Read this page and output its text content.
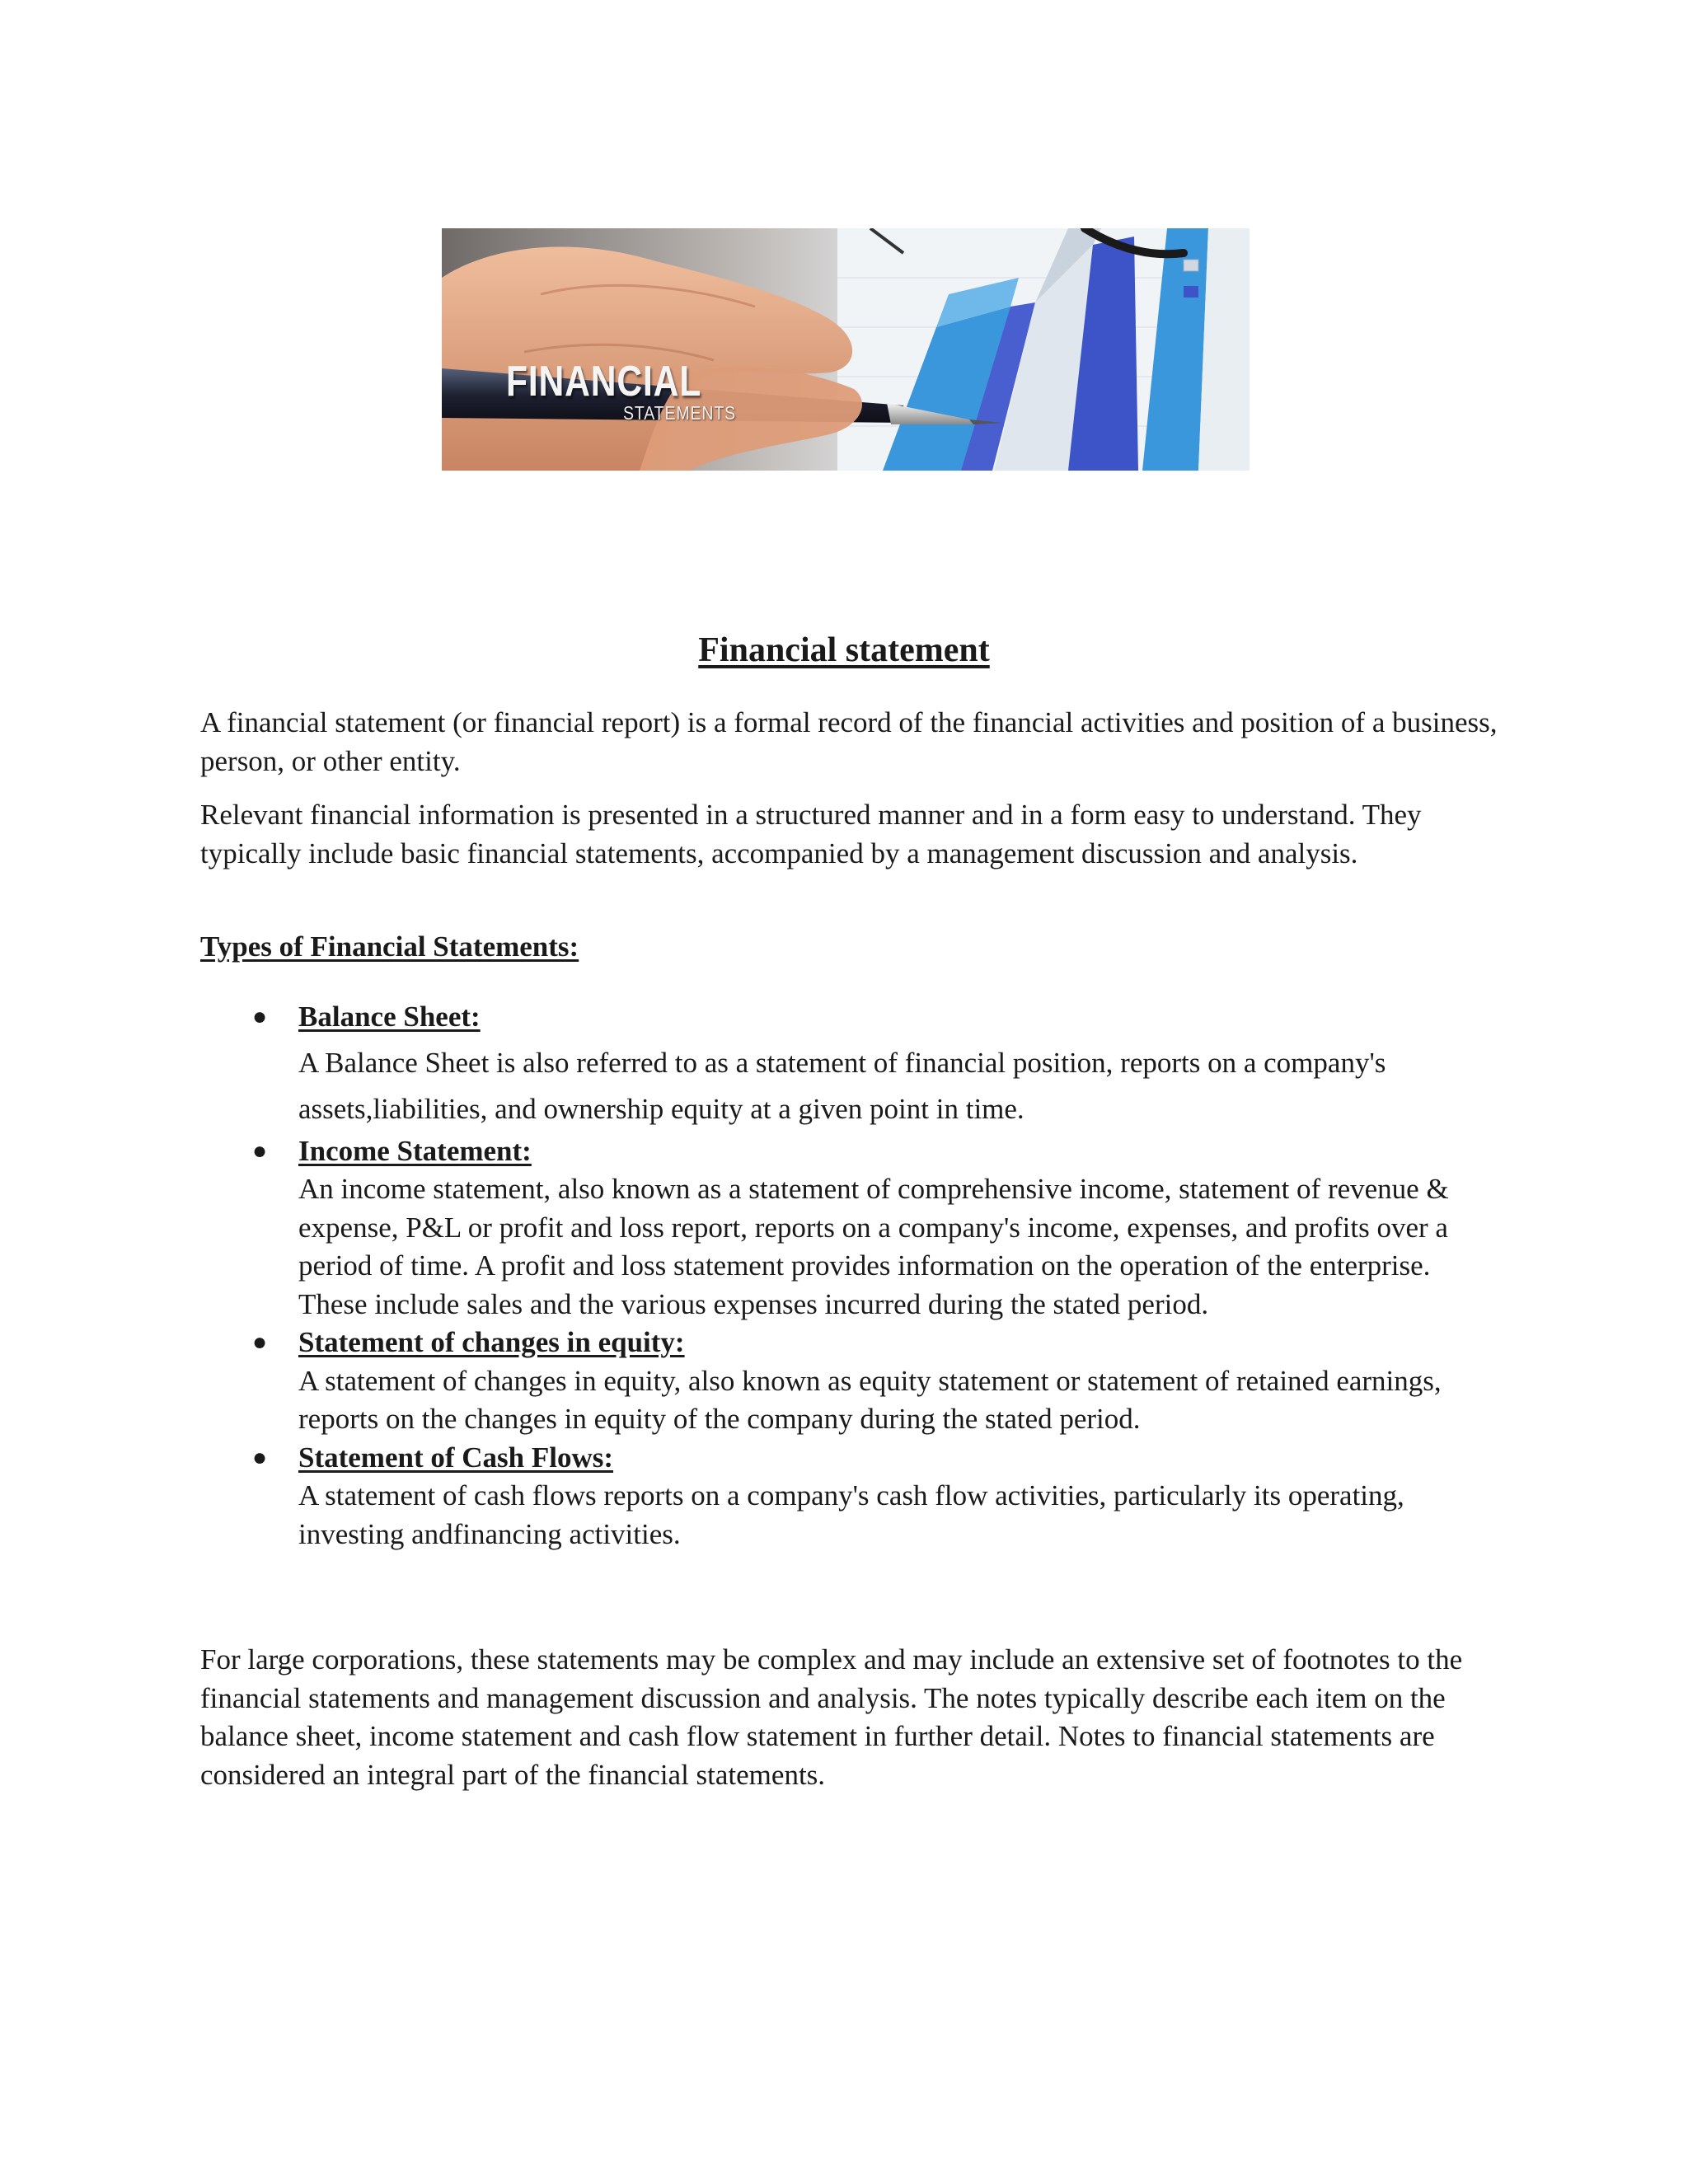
FINANCIAL
STATEMENTS
Financial statement

A financial statement (or financial report) is a formal record of the financial activities and position of a business, person, or other entity.

Relevant financial information is presented in a structured manner and in a form easy to understand. They typically include basic financial statements, accompanied by a management discussion and analysis.

Types of Financial Statements:
● Balance Sheet:
A Balance Sheet is also referred to as a statement of financial position, reports on a company's assets,liabilities, and ownership equity at a given point in time.
● Income Statement:
An income statement, also known as a statement of comprehensive income, statement of revenue & expense, P&L or profit and loss report, reports on a company's income, expenses, and profits over a period of time. A profit and loss statement provides information on the operation of the enterprise. These include sales and the various expenses incurred during the stated period.
● Statement of changes in equity:
A statement of changes in equity, also known as equity statement or statement of retained earnings, reports on the changes in equity of the company during the stated period.
● Statement of Cash Flows:
A statement of cash flows reports on a company's cash flow activities, particularly its operating, investing andfinancing activities.

For large corporations, these statements may be complex and may include an extensive set of footnotes to the financial statements and management discussion and analysis. The notes typically describe each item on the balance sheet, income statement and cash flow statement in further detail. Notes to financial statements are considered an integral part of the financial statements.
